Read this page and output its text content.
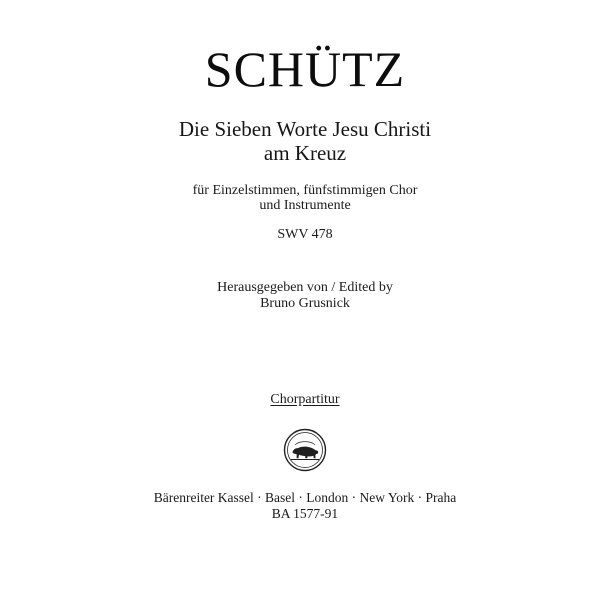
SCHÜTZ
Die Sieben Worte Jesu Christi
am Kreuz
für Einzelstimmen, fünfstimmigen Chor
und Instrumente
SWV 478
Herausgegeben von / Edited by
Bruno Grusnick
Chorpartitur
Bärenreiter Kassel · Basel · London · New York · Praha
BA 1577-91
